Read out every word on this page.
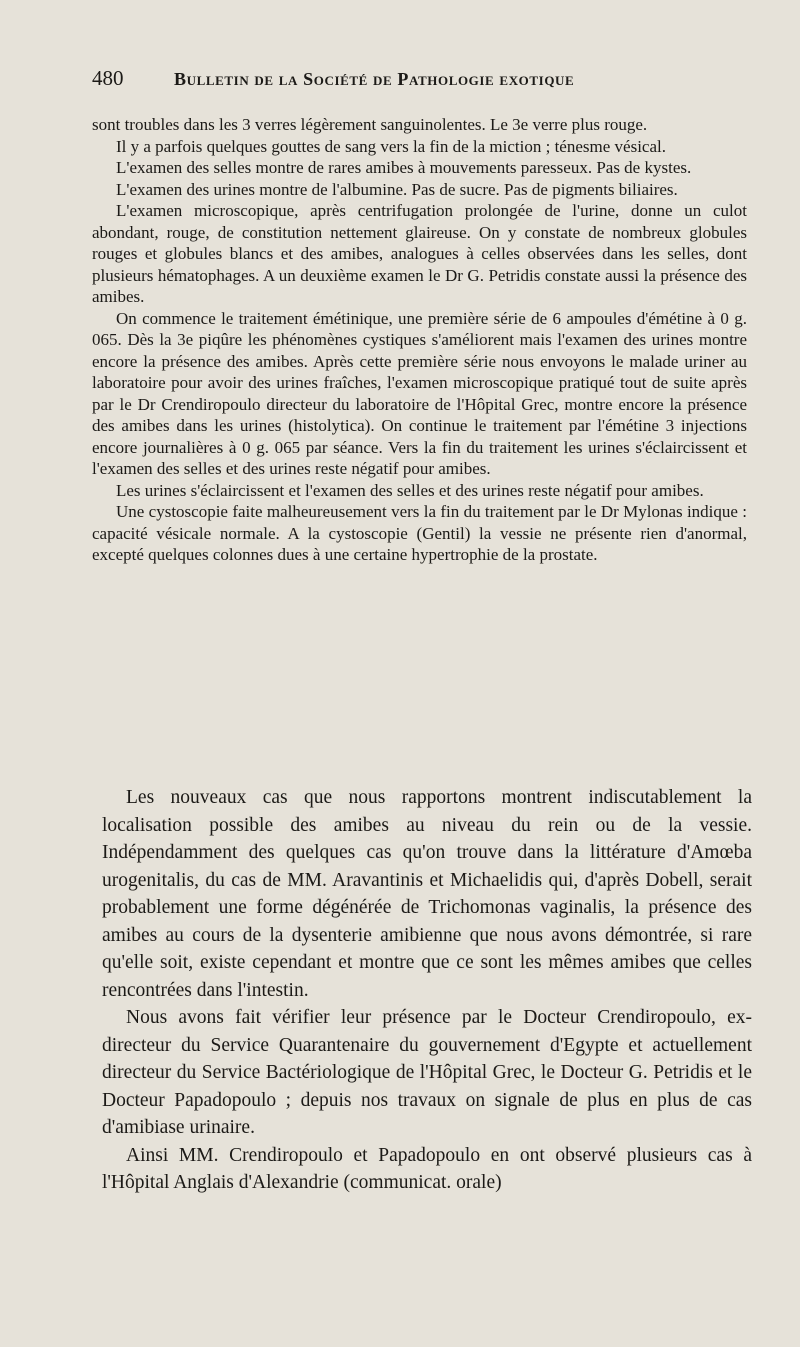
480	Bulletin de la Société de Pathologie exotique

sont troubles dans les 3 verres légèrement sanguinolentes. Le 3e verre plus rouge.

Il y a parfois quelques gouttes de sang vers la fin de la miction ; ténesme vésical.

L'examen des selles montre de rares amibes à mouvements paresseux. Pas de kystes.

L'examen des urines montre de l'albumine. Pas de sucre. Pas de pigments biliaires.

L'examen microscopique, après centrifugation prolongée de l'urine, donne un culot abondant, rouge, de constitution nettement glaireuse. On y constate de nombreux globules rouges et globules blancs et des amibes, analogues à celles observées dans les selles, dont plusieurs hématophages. A un deuxième examen le Dr G. Petridis constate aussi la présence des amibes.

On commence le traitement émétinique, une première série de 6 ampoules d'émétine à 0 g. 065. Dès la 3e piqûre les phénomènes cystiques s'améliorent mais l'examen des urines montre encore la présence des amibes. Après cette première série nous envoyons le malade uriner au laboratoire pour avoir des urines fraîches, l'examen microscopique pratiqué tout de suite après par le Dr Crendiropoulo directeur du laboratoire de l'Hôpital Grec, montre encore la présence des amibes dans les urines (histolytica). On continue le traitement par l'émétine 3 injections encore journalières à 0 g. 065 par séance. Vers la fin du traitement les urines s'éclaircissent et l'examen des selles et des urines reste négatif pour amibes.

Les urines s'éclaircissent et l'examen des selles et des urines reste négatif pour amibes.

Une cystoscopie faite malheureusement vers la fin du traitement par le Dr Mylonas indique : capacité vésicale normale. A la cystoscopie (Gentil) la vessie ne présente rien d'anormal, excepté quelques colonnes dues à une certaine hypertrophie de la prostate.

Les nouveaux cas que nous rapportons montrent indiscutablement la localisation possible des amibes au niveau du rein ou de la vessie. Indépendamment des quelques cas qu'on trouve dans la littérature d'Amœba urogenitalis, du cas de MM. Aravantinis et Michaelidis qui, d'après Dobell, serait probablement une forme dégénérée de Trichomonas vaginalis, la présence des amibes au cours de la dysenterie amibienne que nous avons démontrée, si rare qu'elle soit, existe cependant et montre que ce sont les mêmes amibes que celles rencontrées dans l'intestin.

Nous avons fait vérifier leur présence par le Docteur Crendiropoulo, ex-directeur du Service Quarantenaire du gouvernement d'Egypte et actuellement directeur du Service Bactériologique de l'Hôpital Grec, le Docteur G. Petridis et le Docteur Papadopoulo ; depuis nos travaux on signale de plus en plus de cas d'amibiase urinaire.

Ainsi MM. Crendiropoulo et Papadopoulo en ont observé plusieurs cas à l'Hôpital Anglais d'Alexandrie (communicat. orale)
